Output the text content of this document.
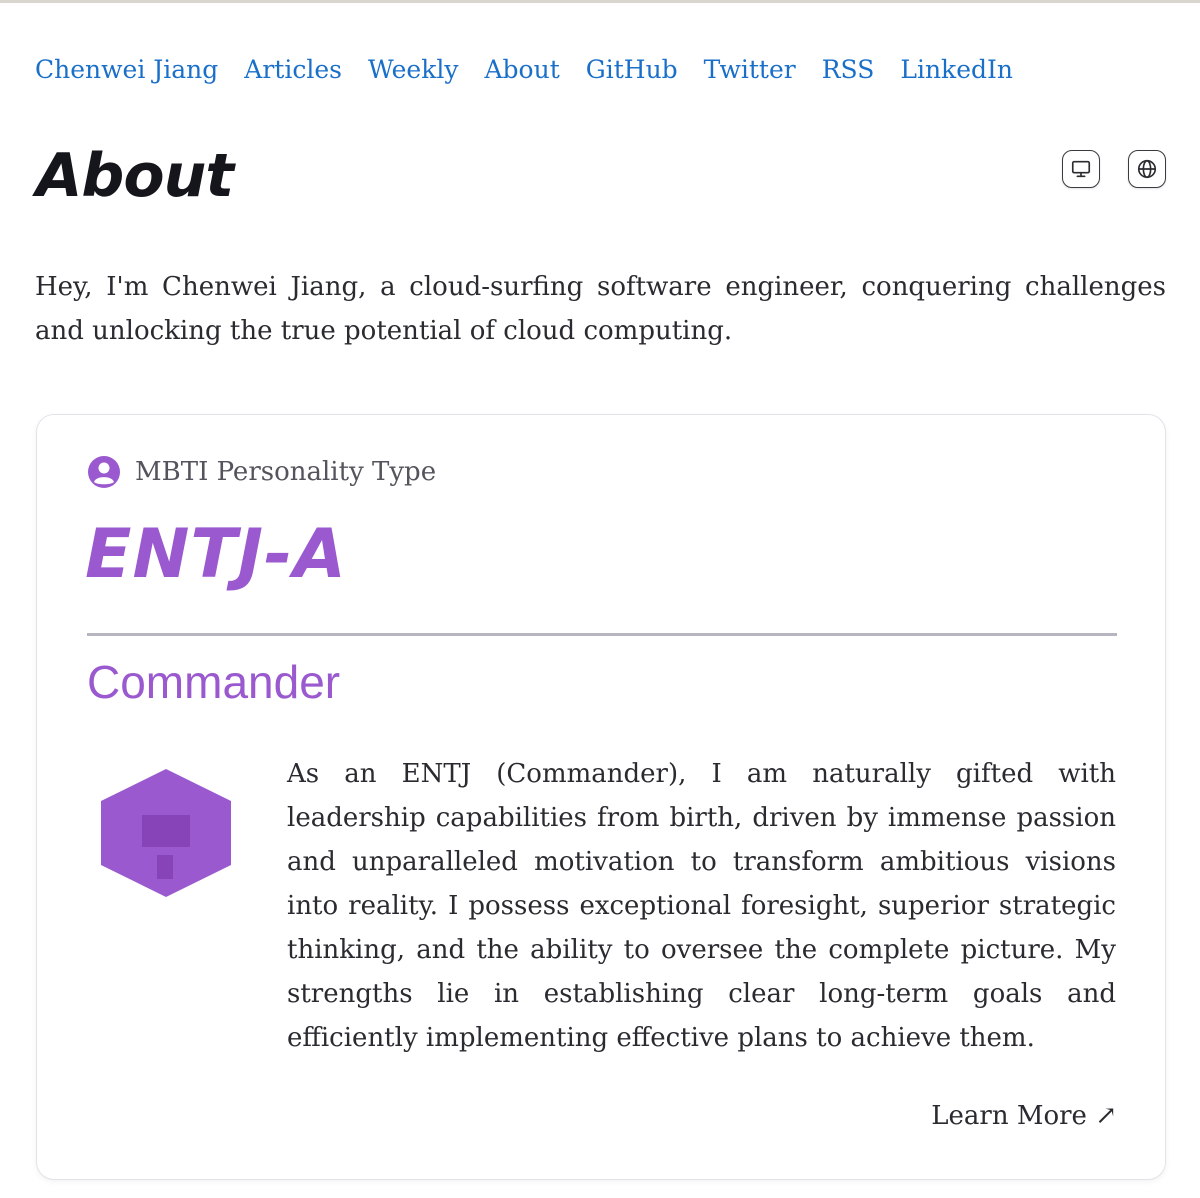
Chenwei Jiang Articles Weekly About GitHub Twitter RSS LinkedIn
About

Hey, I'm Chenwei Jiang, a cloud-surfing software engineer, conquering challenges and unlocking the true potential of cloud computing.

MBTI Personality Type
ENTJ-A
Commander

As an ENTJ (Commander), I am naturally gifted with leadership capabilities from birth, driven by immense passion and unparalleled motivation to transform ambitious visions into reality. I possess exceptional foresight, superior strategic thinking, and the ability to oversee the complete picture. My strengths lie in establishing clear long-term goals and efficiently implementing effective plans to achieve them.

Learn More ↗
